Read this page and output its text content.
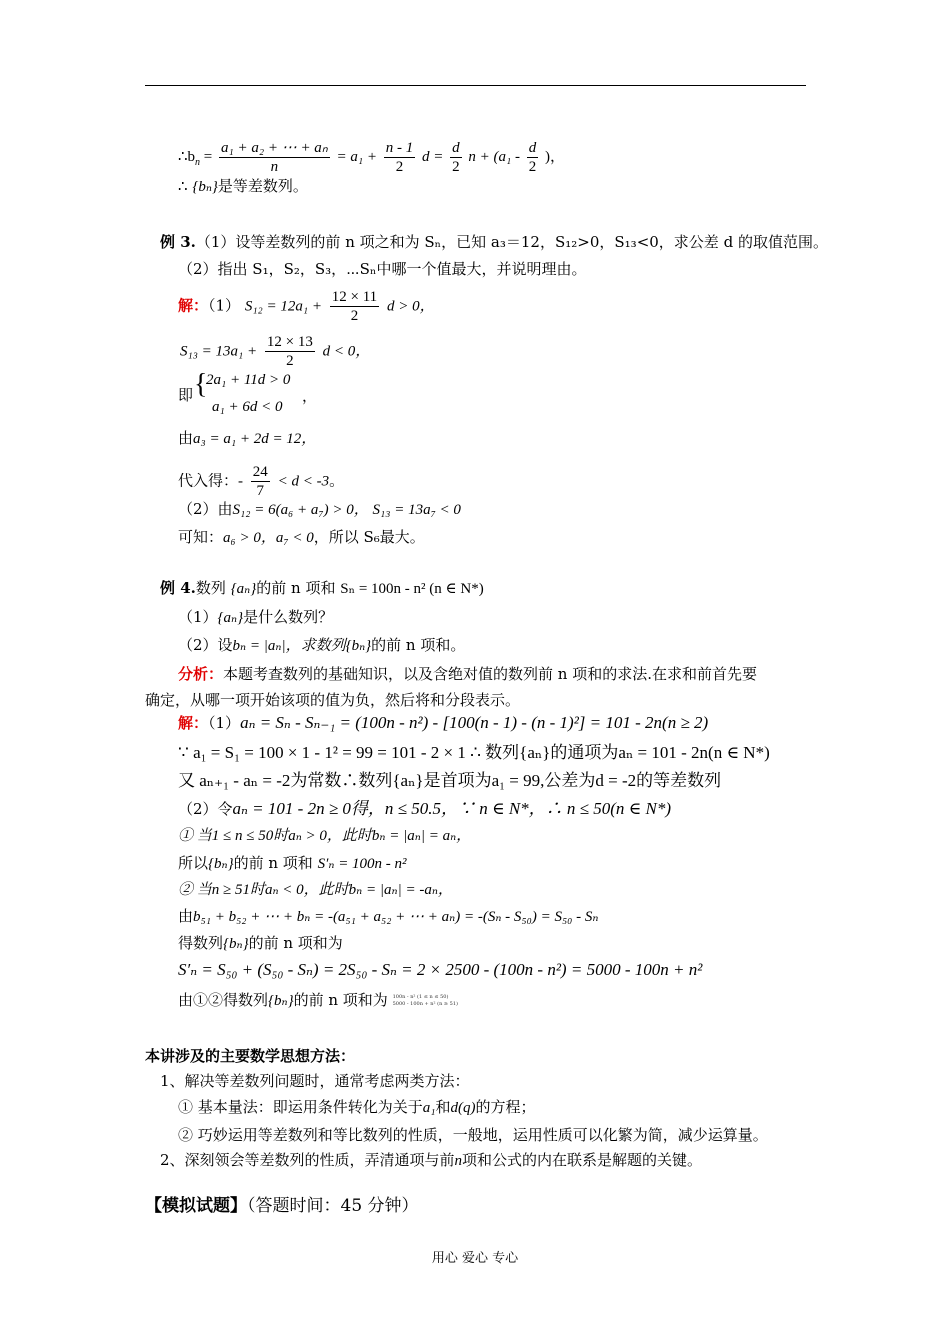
$\therefore b_n = \frac{\text{a₁ + a₂ + ⋯ + aₙ}}{n} = a_1 + \frac{n - 1}{2}$ $d = \frac{d}{2}$ $n + (a_1 - \frac{d}{2}$ )，
∴ {bₙ}是等差数列。
例 3.（1）设等差数列的前 n 项之和为 Sₙ，已知 a₃＝12，S₁₂>0，S₁₃<0，求公差 d 的取值范围。
（2）指出 S₁，S₂，S₃，⋯Sₙ中哪一个值最大，并说明理由。
解：（1） $S_{12} = 12a_1 + \frac{12 \times 11}{2}$ d > 0，
$S_{13} = 13a_1 + \frac{12 \times 13}{2}$ d < 0，
即 {
2a₁ + 11d > 0
a₁ + 6d < 0
，
由a₃ = a₁ + 2d = 12，
代入得：- $\frac{24}{7} < d < -3$。
（2）由S₁₂ = 6(a₆ + a₇) > 0， S₁₃ = 13a₇ < 0
可知：a₆ > 0，a₇ < 0，所以 S₆最大。
例 4.数列 {aₙ}的前 n 项和 Sₙ = 100n - n² (n ∈ N*)
（1）{aₙ}是什么数列？
（2）设bₙ = |aₙ|，求数列{bₙ}的前 n 项和。
分析：本题考查数列的基础知识，以及含绝对值的数列前 n 项和的求法.在求和前首先要
确定，从哪一项开始该项的值为负，然后将和分段表示。
解：（1）aₙ = Sₙ - Sₙ₋₁ = (100n - n²) - [100(n - 1) - (n - 1)²] = 101 - 2n(n ≥ 2)
∵ a₁ = S₁ = 100 × 1 - 1² = 99 = 101 - 2 × 1 ∴ 数列{aₙ}的通项为aₙ = 101 - 2n(n ∈ N*)
又 aₙ₊₁ - aₙ = -2为常数∴数列{aₙ}是首项为a₁ = 99,公差为d = -2的等差数列
（2）令aₙ = 101 - 2n ≥ 0得，n ≤ 50.5，∵ n ∈ N*，∴ n ≤ 50(n ∈ N*)
① 当1 ≤ n ≤ 50时aₙ > 0，此时bₙ = |aₙ| = aₙ，
所以{bₙ}的前 n 项和 S′ₙ = 100n - n²
② 当n ≥ 51时aₙ < 0，此时bₙ = |aₙ| = -aₙ，
由b₅₁ + b₅₂ + ⋯ + bₙ = -(a₅₁ + a₅₂ + ⋯ + aₙ) = -(Sₙ - S₅₀) = S₅₀ - Sₙ
得数列{bₙ}的前 n 项和为
S′ₙ = S₅₀ + (S₅₀ - Sₙ) = 2S₅₀ - Sₙ = 2 × 2500 - (100n - n²) = 5000 - 100n + n²
由①②得数列{bₙ}的前 n 项和为 100n - n² (1 ≤ n ≤ 50)
5000 - 100n + n² (n ≥ 51)
本讲涉及的主要数学思想方法：
1、解决等差数列问题时，通常考虑两类方法：
① 基本量法：即运用条件转化为关于a₁和d(q)的方程；
② 巧妙运用等差数列和等比数列的性质，一般地，运用性质可以化繁为简，减少运算量。
2、深刻领会等差数列的性质，弄清通项与前n项和公式的内在联系是解题的关键。
【模拟试题】（答题时间：45 分钟）
用心 爱心 专心
